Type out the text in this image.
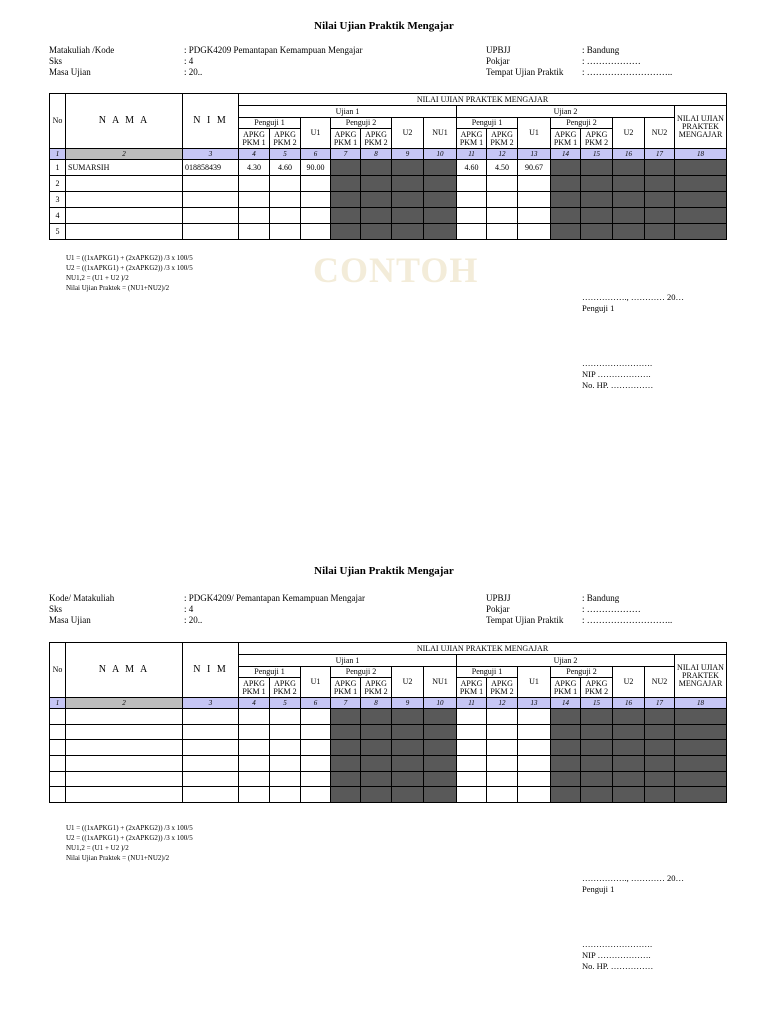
CONTOH
Nilai Ujian Praktik Mengajar
Matakuliah /Kode
Sks
Masa Ujian
: PDGK4209 Pemantapan Kemampuan Mengajar
: 4
: 20..
UPBJJ
Pokjar
Tempat Ujian Praktik
: Bandung
: ………………
: ………………………..
No	N A M A	N I M	NILAI UJIAN PRAKTEK MENGAJAR														
			Ujian 1							Ujian 2							NILAI UJIAN PRAKTEK MENGAJAR
			Penguji 1		U1	Penguji 2		U2	NU1	Penguji 1		U1	Penguji 2		U2	NU2	
			APKG PKM 1	APKG PKM 2		APKG PKM 1	APKG PKM 2			APKG PKM 1	APKG PKM 2		APKG PKM 1	APKG PKM 2			
1	2	3	4	5	6	7	8	9	10	11	12	13	14	15	16	17	18
1	SUMARSIH	018858439	4.30	4.60	90.00					4.60	4.50	90.67					
2																	
3																	
4																	
5																	
U1 = ((1xAPKG1) + (2xAPKG2)) /3 x 100/5
U2 = ((1xAPKG1) + (2xAPKG2)) /3 x 100/5
NU1,2 = (U1 + U2 )/2
Nilai Ujian Praktek = (NU1+NU2)/2
……………., ………… 20…
Penguji 1
…………………….
NIP ……………….
No. HP. ……………
Nilai Ujian Praktik Mengajar
Kode/ Matakuliah
Sks
Masa Ujian
: PDGK4209/ Pemantapan Kemampuan Mengajar
: 4
: 20..
UPBJJ
Pokjar
Tempat Ujian Praktik
: Bandung
: ………………
: ………………………..
No	N A M A	N I M	NILAI UJIAN PRAKTEK MENGAJAR														
			Ujian 1							Ujian 2							NILAI UJIAN PRAKTEK MENGAJAR
			Penguji 1		U1	Penguji 2		U2	NU1	Penguji 1		U1	Penguji 2		U2	NU2	
			APKG PKM 1	APKG PKM 2		APKG PKM 1	APKG PKM 2			APKG PKM 1	APKG PKM 2		APKG PKM 1	APKG PKM 2			
1	2	3	4	5	6	7	8	9	10	11	12	13	14	15	16	17	18

U1 = ((1xAPKG1) + (2xAPKG2)) /3 x 100/5
U2 = ((1xAPKG1) + (2xAPKG2)) /3 x 100/5
NU1,2 = (U1 + U2 )/2
Nilai Ujian Praktek = (NU1+NU2)/2
……………., ………… 20…
Penguji 1
…………………….
NIP ……………….
No. HP. ……………
